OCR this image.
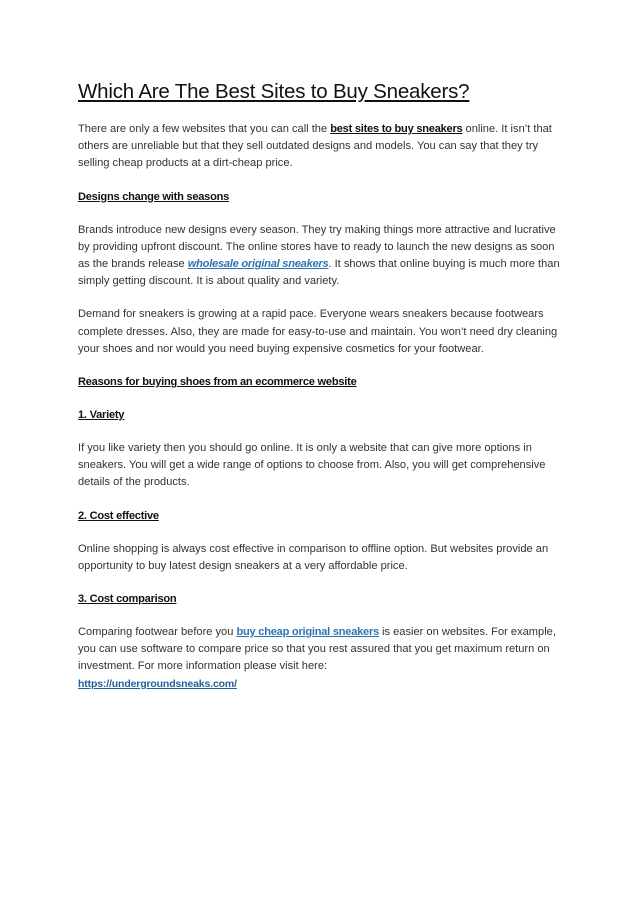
Which Are The Best Sites to Buy Sneakers?

There are only a few websites that you can call the best sites to buy sneakers online. It isn’t that others are unreliable but that they sell outdated designs and models. You can say that they try selling cheap products at a dirt-cheap price.

Designs change with seasons

Brands introduce new designs every season. They try making things more attractive and lucrative by providing upfront discount. The online stores have to ready to launch the new designs as soon as the brands release wholesale original sneakers. It shows that online buying is much more than simply getting discount. It is about quality and variety.

Demand for sneakers is growing at a rapid pace. Everyone wears sneakers because footwears complete dresses. Also, they are made for easy-to-use and maintain. You won’t need dry cleaning your shoes and nor would you need buying expensive cosmetics for your footwear.

Reasons for buying shoes from an ecommerce website
1. Variety

If you like variety then you should go online. It is only a website that can give more options in sneakers. You will get a wide range of options to choose from. Also, you will get comprehensive details of the products.

2. Cost effective

Online shopping is always cost effective in comparison to offline option. But websites provide an opportunity to buy latest design sneakers at a very affordable price.

3. Cost comparison

Comparing footwear before you buy cheap original sneakers is easier on websites. For example, you can use software to compare price so that you rest assured that you get maximum return on investment. For more information please visit here:
https://undergroundsneaks.com/
